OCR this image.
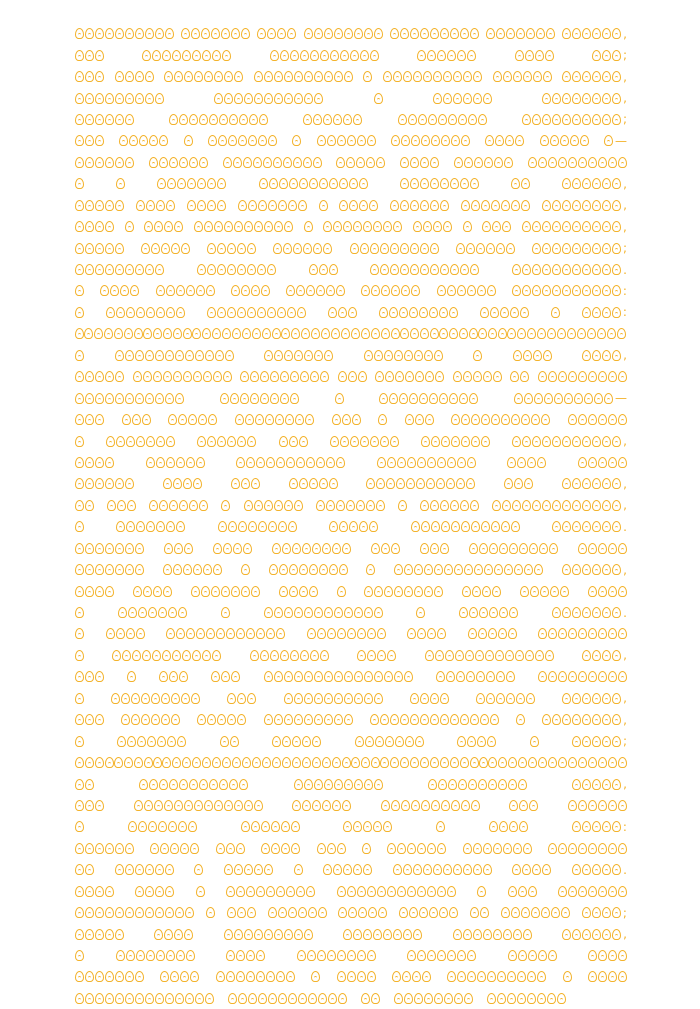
,
;
,
,
;
—
,
,
,
;
.
:
:
,
—
,
,
,
.
,
.
,
,
,
;
,
:
.
;
,
